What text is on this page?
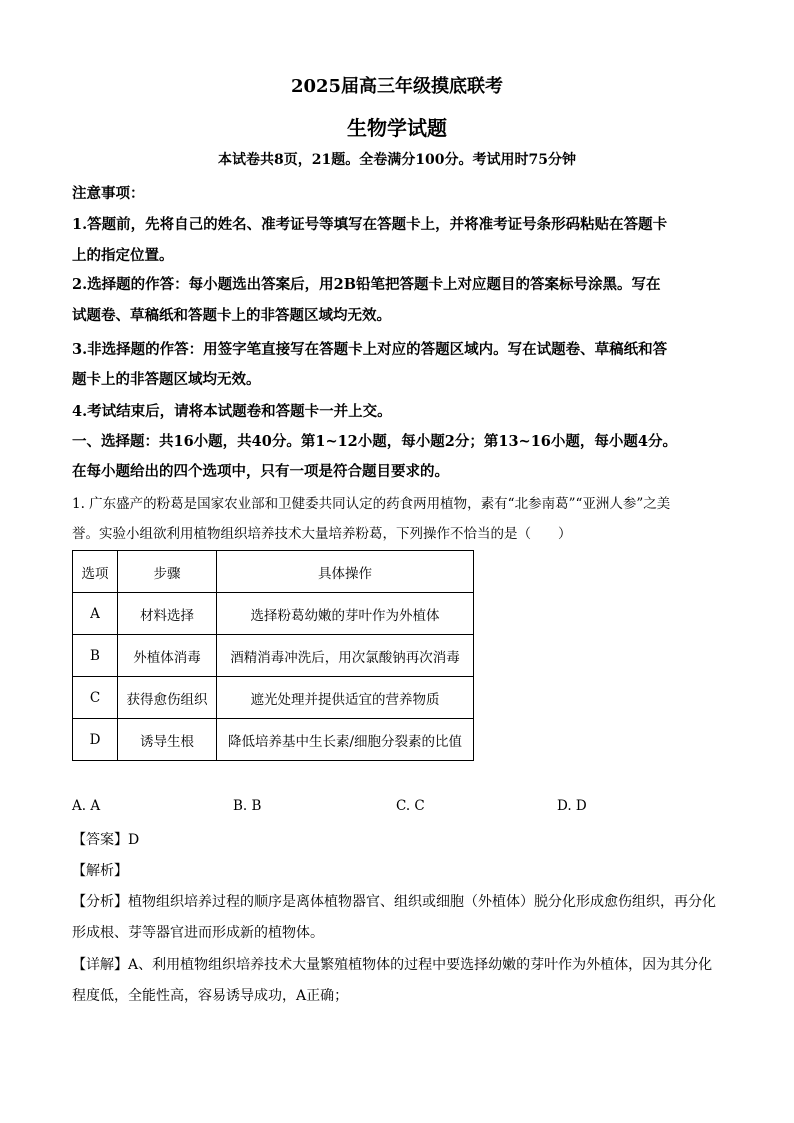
2025届高三年级摸底联考
生物学试题
本试卷共8页，21题。全卷满分100分。考试用时75分钟
注意事项：
1.答题前，先将自己的姓名、准考证号等填写在答题卡上，并将准考证号条形码粘贴在答题卡
上的指定位置。
2.选择题的作答：每小题选出答案后，用2B铅笔把答题卡上对应题目的答案标号涂黑。写在
试题卷、草稿纸和答题卡上的非答题区域均无效。
3.非选择题的作答：用签字笔直接写在答题卡上对应的答题区域内。写在试题卷、草稿纸和答
题卡上的非答题区域均无效。
4.考试结束后，请将本试题卷和答题卡一并上交。
一、选择题：共16小题，共40分。第1~12小题，每小题2分；第13~16小题，每小题4分。
在每小题给出的四个选项中，只有一项是符合题目要求的。
1. 广东盛产的粉葛是国家农业部和卫健委共同认定的药食两用植物，素有“北参南葛”“亚洲人参”之美
誉。实验小组欲利用植物组织培养技术大量培养粉葛，下列操作不恰当的是（　　）
选项	步骤	具体操作
A	材料选择	选择粉葛幼嫩的芽叶作为外植体
B	外植体消毒	酒精消毒冲洗后，用次氯酸钠再次消毒
C	获得愈伤组织	遮光处理并提供适宜的营养物质
D	诱导生根	降低培养基中生长素/细胞分裂素的比值
A. A	B. B	C. C	D. D
【答案】D
【解析】
【分析】植物组织培养过程的顺序是离体植物器官、组织或细胞（外植体）脱分化形成愈伤组织，再分化
形成根、芽等器官进而形成新的植物体。
【详解】A、利用植物组织培养技术大量繁殖植物体的过程中要选择幼嫩的芽叶作为外植体，因为其分化
程度低，全能性高，容易诱导成功，A正确；
